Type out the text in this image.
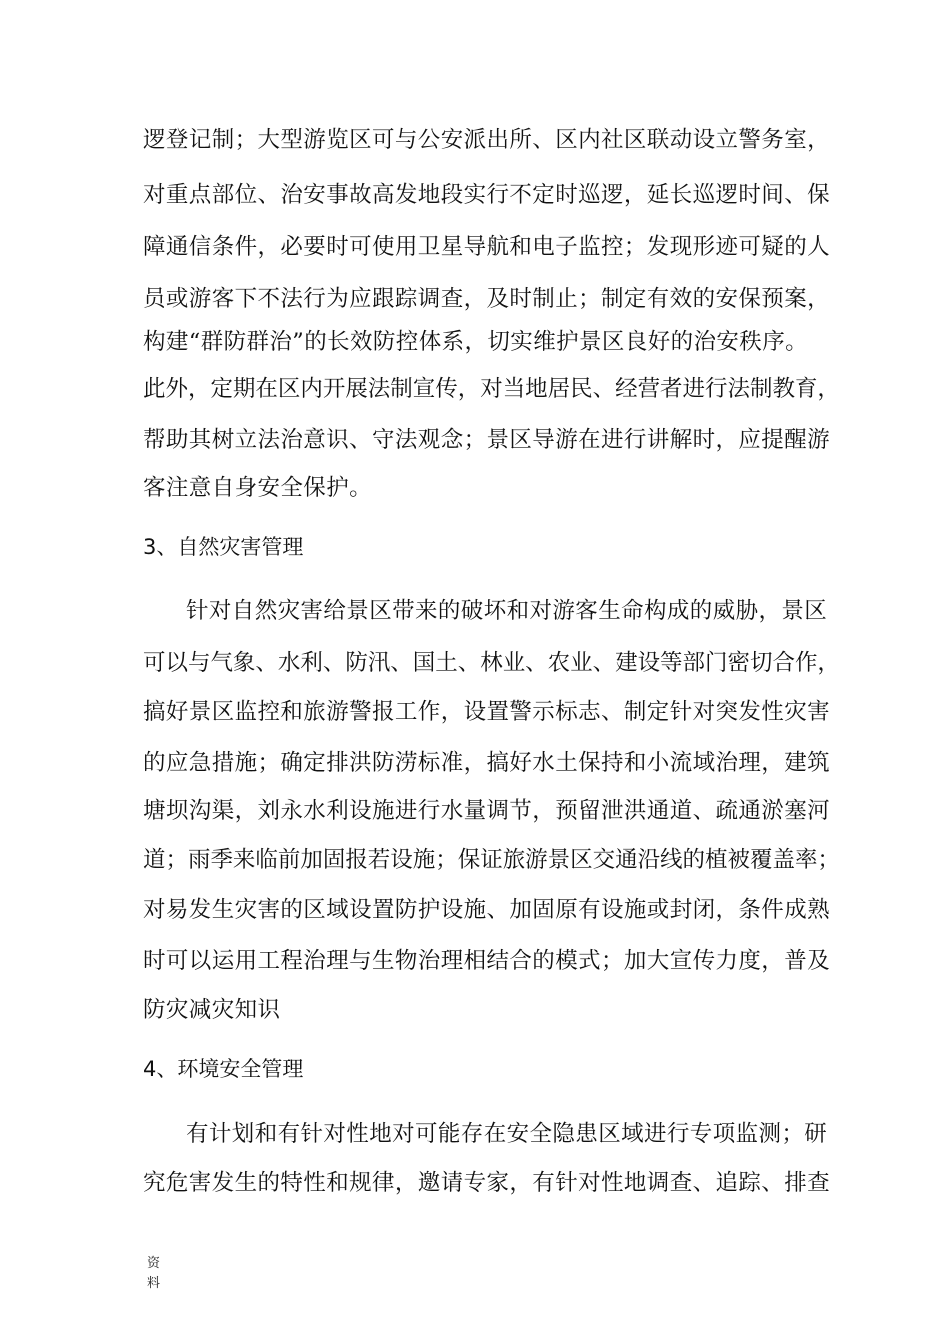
逻登记制；大型游览区可与公安派出所、区内社区联动设立警务室，
对重点部位、治安事故高发地段实行不定时巡逻，延长巡逻时间、保
障通信条件，必要时可使用卫星导航和电子监控；发现形迹可疑的人
员或游客下不法行为应跟踪调查，及时制止；制定有效的安保预案，
构建“群防群治”的长效防控体系，切实维护景区良好的治安秩序。
此外，定期在区内开展法制宣传，对当地居民、经营者进行法制教育，
帮助其树立法治意识、守法观念；景区导游在进行讲解时，应提醒游
客注意自身安全保护。
3、自然灾害管理
针对自然灾害给景区带来的破坏和对游客生命构成的威胁，景区
可以与气象、水利、防汛、国土、林业、农业、建设等部门密切合作，
搞好景区监控和旅游警报工作，设置警示标志、制定针对突发性灾害
的应急措施；确定排洪防涝标准，搞好水土保持和小流域治理，建筑
塘坝沟渠，刘永水利设施进行水量调节，预留泄洪通道、疏通淤塞河
道；雨季来临前加固报若设施；保证旅游景区交通沿线的植被覆盖率；
对易发生灾害的区域设置防护设施、加固原有设施或封闭，条件成熟
时可以运用工程治理与生物治理相结合的模式；加大宣传力度，普及
防灾减灾知识
4、环境安全管理
有计划和有针对性地对可能存在安全隐患区域进行专项监测；研
究危害发生的特性和规律，邀请专家，有针对性地调查、追踪、排查
资料
